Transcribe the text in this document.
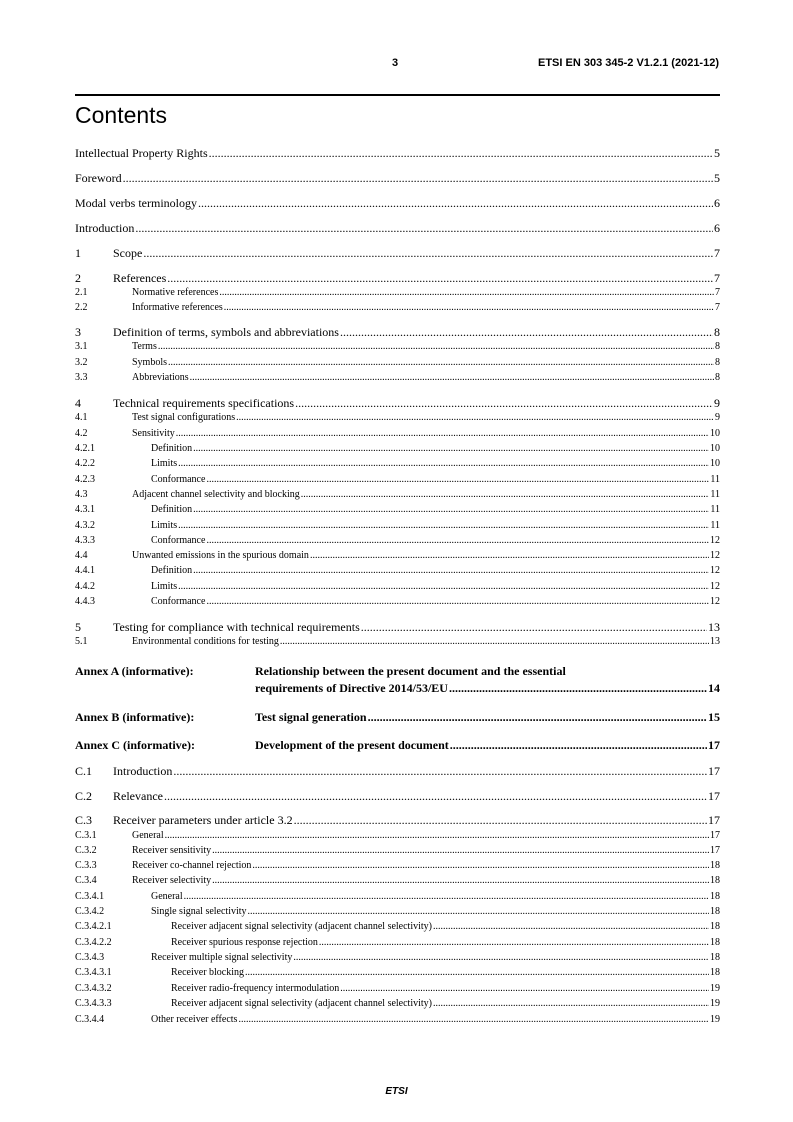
3	ETSI EN 303 345-2 V1.2.1 (2021-12)
Contents
Intellectual Property Rights .....	5
Foreword .....	5
Modal verbs terminology .....	6
Introduction .....	6
1	Scope .....	7
2	References .....	7
2.1	Normative references .....	7
2.2	Informative references .....	7
3	Definition of terms, symbols and abbreviations .....	8
3.1	Terms .....	8
3.2	Symbols .....	8
3.3	Abbreviations .....	8
4	Technical requirements specifications .....	9
4.1	Test signal configurations .....	9
4.2	Sensitivity .....	10
4.2.1	Definition .....	10
4.2.2	Limits .....	10
4.2.3	Conformance .....	11
4.3	Adjacent channel selectivity and blocking .....	11
4.3.1	Definition .....	11
4.3.2	Limits .....	11
4.3.3	Conformance .....	12
4.4	Unwanted emissions in the spurious domain .....	12
4.4.1	Definition .....	12
4.4.2	Limits .....	12
4.4.3	Conformance .....	12
5	Testing for compliance with technical requirements .....	13
5.1	Environmental conditions for testing .....	13
C.1	Introduction .....	17
C.2	Relevance .....	17
C.3	Receiver parameters under article 3.2 .....	17
C.3.1	General .....	17
C.3.2	Receiver sensitivity .....	17
C.3.3	Receiver co-channel rejection .....	18
C.3.4	Receiver selectivity .....	18
C.3.4.1	General .....	18
C.3.4.2	Single signal selectivity .....	18
C.3.4.2.1	Receiver adjacent signal selectivity (adjacent channel selectivity) .....	18
C.3.4.2.2	Receiver spurious response rejection .....	18
C.3.4.3	Receiver multiple signal selectivity .....	18
C.3.4.3.1	Receiver blocking .....	18
C.3.4.3.2	Receiver radio-frequency intermodulation .....	19
C.3.4.3.3	Receiver adjacent signal selectivity (adjacent channel selectivity) .....	19
C.3.4.4	Other receiver effects .....	19
Annex A (informative):	Relationship between the present document and the essential
requirements of Directive 2014/53/EU .....	14
Annex B (informative):	Test signal generation .....	15
Annex C (informative):	Development of the present document .....	17
ETSI
